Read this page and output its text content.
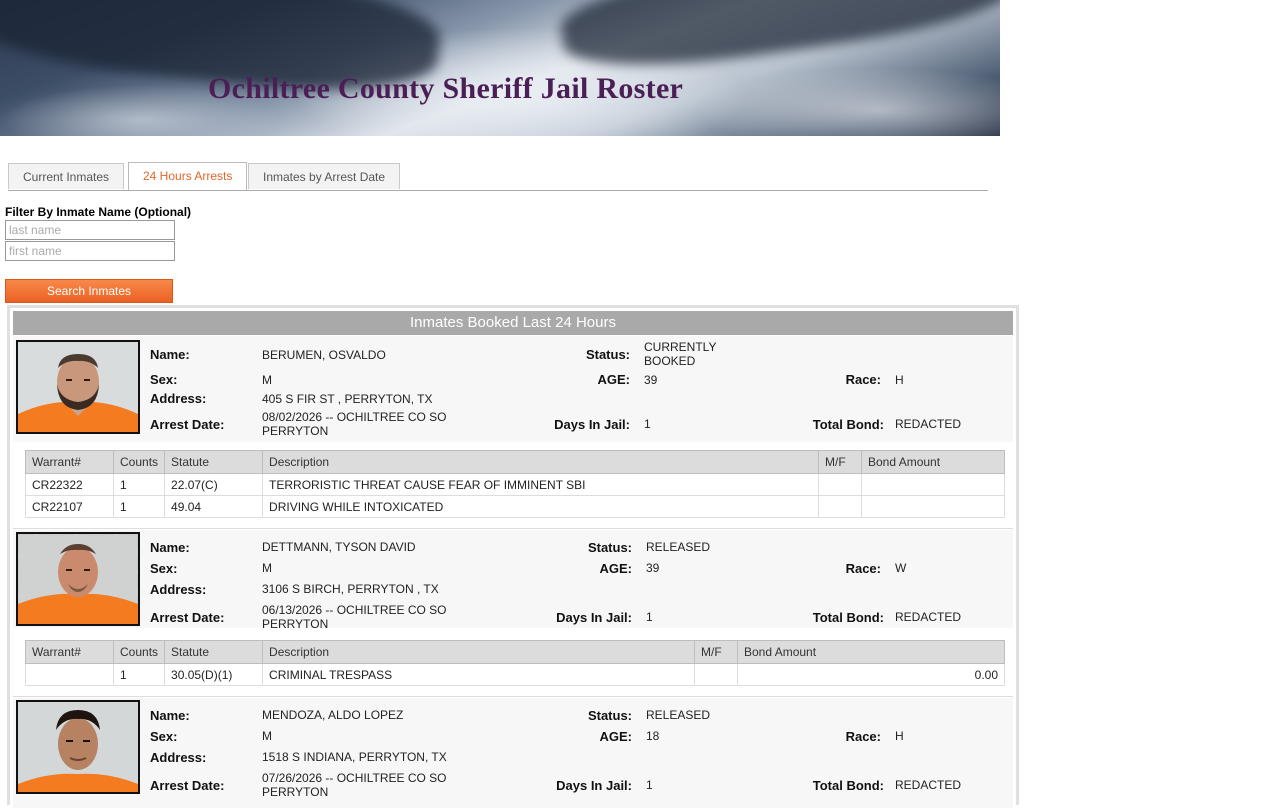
Ochiltree County Sheriff Jail Roster
Current Inmates	24 Hours Arrests	Inmates by Arrest Date
Filter By Inmate Name (Optional)
last name
first name
Search Inmates
Inmates Booked Last 24 Hours
Name:	BERUMEN, OSVALDO	Status: CURRENTLY BOOKED
Sex:	M	AGE: 39	Race: H
Address:	405 S FIR ST , PERRYTON, TX
Arrest Date:	08/02/2026 -- OCHILTREE CO SO PERRYTON	Days In Jail: 1	Total Bond: REDACTED
Warrant#	Counts	Statute	Description	M/F	Bond Amount
CR22322	1	22.07(C)	TERRORISTIC THREAT CAUSE FEAR OF IMMINENT SBI		
CR22107	1	49.04	DRIVING WHILE INTOXICATED		
Name:	DETTMANN, TYSON DAVID	Status: RELEASED
Sex:	M	AGE: 39	Race: W
Address:	3106 S BIRCH, PERRYTON , TX
Arrest Date:	06/13/2026 -- OCHILTREE CO SO PERRYTON	Days In Jail: 1	Total Bond: REDACTED
Warrant#	Counts	Statute	Description	M/F	Bond Amount
	1	30.05(D)(1)	CRIMINAL TRESPASS		0.00
Name:	MENDOZA, ALDO LOPEZ	Status: RELEASED
Sex:	M	AGE: 18	Race: H
Address:	1518 S INDIANA, PERRYTON, TX
Arrest Date:	07/26/2026 -- OCHILTREE CO SO PERRYTON	Days In Jail: 1	Total Bond: REDACTED
